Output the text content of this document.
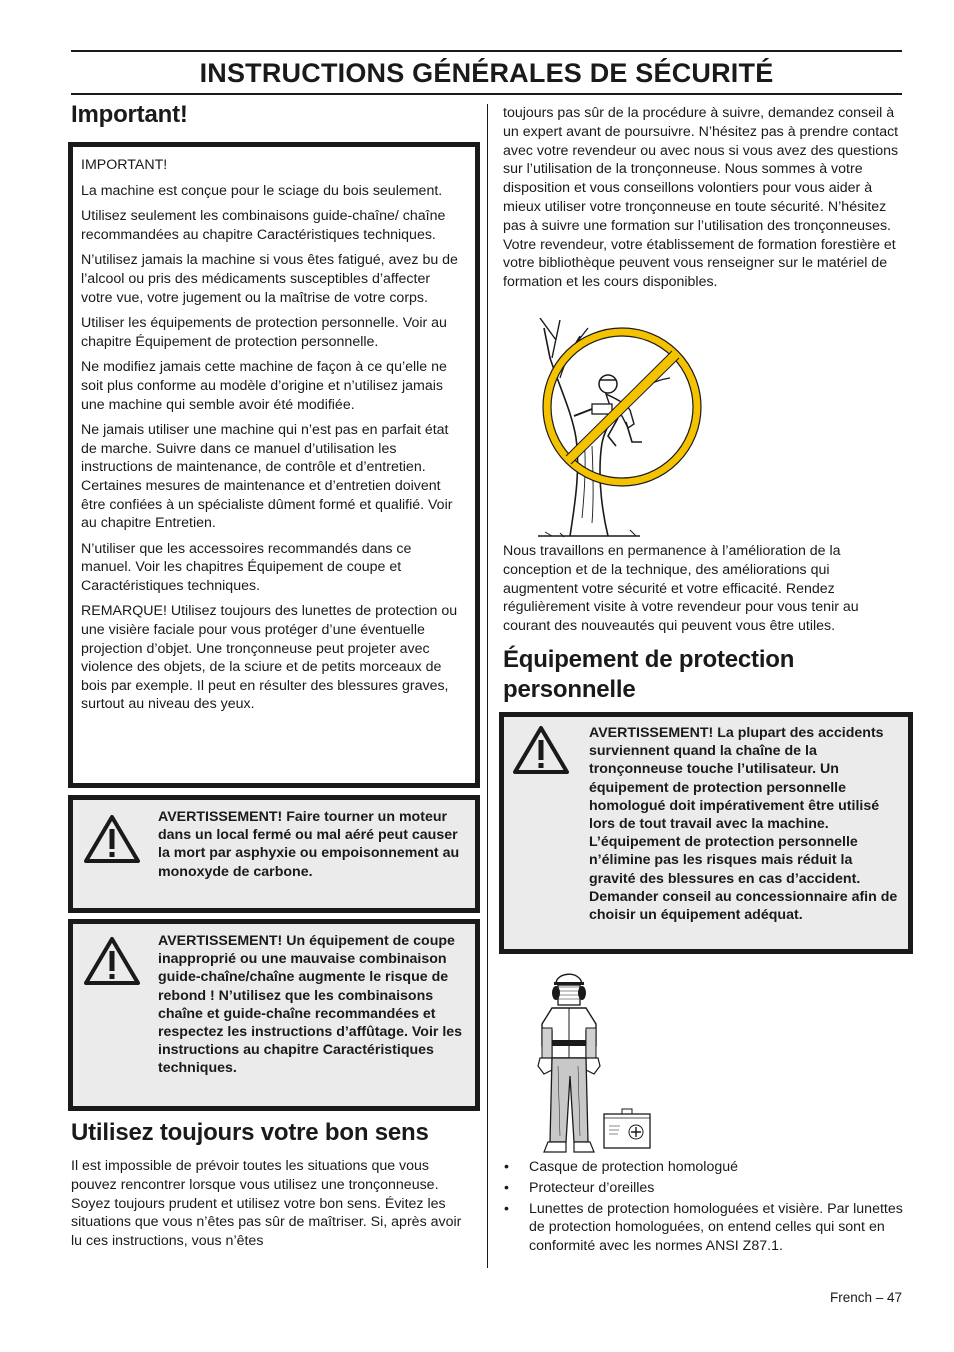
INSTRUCTIONS GÉNÉRALES DE SÉCURITÉ
Important!

IMPORTANT!

La machine est conçue pour le sciage du bois seulement.

Utilisez seulement les combinaisons guide-chaîne/ chaîne recommandées au chapitre Caractéristiques techniques.

N’utilisez jamais la machine si vous êtes fatigué, avez bu de l’alcool ou pris des médicaments susceptibles d’affecter votre vue, votre jugement ou la maîtrise de votre corps.

Utiliser les équipements de protection personnelle. Voir au chapitre Équipement de protection personnelle.

Ne modifiez jamais cette machine de façon à ce qu’elle ne soit plus conforme au modèle d’origine et n’utilisez jamais une machine qui semble avoir été modifiée.

Ne jamais utiliser une machine qui n’est pas en parfait état de marche. Suivre dans ce manuel d’utilisation les instructions de maintenance, de contrôle et d’entretien. Certaines mesures de maintenance et d’entretien doivent être confiées à un spécialiste dûment formé et qualifié. Voir au chapitre Entretien.

N’utiliser que les accessoires recommandés dans ce manuel. Voir les chapitres Équipement de coupe et Caractéristiques techniques.

REMARQUE! Utilisez toujours des lunettes de protection ou une visière faciale pour vous protéger d’une éventuelle projection d’objet. Une tronçonneuse peut projeter avec violence des objets, de la sciure et de petits morceaux de bois par exemple. Il peut en résulter des blessures graves, surtout au niveau des yeux.

AVERTISSEMENT! Faire tourner un moteur dans un local fermé ou mal aéré peut causer la mort par asphyxie ou empoisonnement au monoxyde de carbone.
AVERTISSEMENT! Un équipement de coupe inapproprié ou une mauvaise combinaison guide-chaîne/chaîne augmente le risque de rebond ! N’utilisez que les combinaisons chaîne et guide-chaîne recommandées et respectez les instructions d’affûtage. Voir les instructions au chapitre Caractéristiques techniques.
Utilisez toujours votre bon sens
Il est impossible de prévoir toutes les situations que vous pouvez rencontrer lorsque vous utilisez une tronçonneuse. Soyez toujours prudent et utilisez votre bon sens. Évitez les situations que vous n’êtes pas sûr de maîtriser. Si, après avoir lu ces instructions, vous n’êtes
toujours pas sûr de la procédure à suivre, demandez conseil à un expert avant de poursuivre. N’hésitez pas à prendre contact avec votre revendeur ou avec nous si vous avez des questions sur l’utilisation de la tronçonneuse. Nous sommes à votre disposition et vous conseillons volontiers pour vous aider à mieux utiliser votre tronçonneuse en toute sécurité. N’hésitez pas à suivre une formation sur l’utilisation des tronçonneuses. Votre revendeur, votre établissement de formation forestière et votre bibliothèque peuvent vous renseigner sur le matériel de formation et les cours disponibles.
Nous travaillons en permanence à l’amélioration de la conception et de la technique, des améliorations qui augmentent votre sécurité et votre efficacité. Rendez régulièrement visite à votre revendeur pour vous tenir au courant des nouveautés qui peuvent vous être utiles.
Équipement de protection
personnelle
AVERTISSEMENT! La plupart des accidents surviennent quand la chaîne de la tronçonneuse touche l’utilisateur. Un équipement de protection personnelle homologué doit impérativement être utilisé lors de tout travail avec la machine. L’équipement de protection personnelle n’élimine pas les risques mais réduit la gravité des blessures en cas d’accident. Demander conseil au concessionnaire afin de choisir un équipement adéquat.
• Casque de protection homologué
• Protecteur d’oreilles
• Lunettes de protection homologuées et visière. Par lunettes de protection homologuées, on entend celles qui sont en conformité avec les normes ANSI Z87.1.
French – 47
